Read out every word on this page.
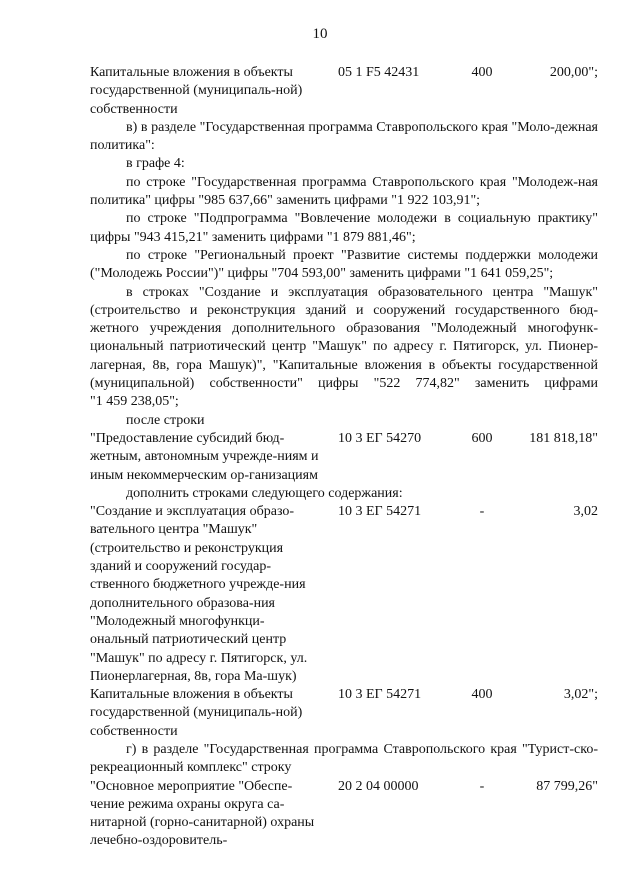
10
Капитальные вложения в объекты государственной (муниципаль-ной) собственности
05 1 F5 42431	400	200,00";
в) в разделе "Государственная программа Ставропольского края "Моло-дежная политика":
в графе 4:
по строке "Государственная программа Ставропольского края "Молодеж-ная политика" цифры "985 637,66" заменить цифрами "1 922 103,91";
по строке "Подпрограмма "Вовлечение молодежи в социальную практику" цифры "943 415,21" заменить цифрами "1 879 881,46";
по строке "Региональный проект "Развитие системы поддержки молодежи ("Молодежь России")" цифры "704 593,00" заменить цифрами "1 641 059,25";
в строках "Создание и эксплуатация образовательного центра "Машук" (строительство и реконструкция зданий и сооружений государственного бюд-жетного учреждения дополнительного образования "Молодежный многофунк-циональный патриотический центр "Машук" по адресу г. Пятигорск, ул. Пионер-лагерная, 8в, гора Машук)", "Капитальные вложения в объекты государственной (муниципальной) собственности" цифры "522 774,82" заменить цифрами
"1 459 238,05";
после строки
"Предоставление субсидий бюд-жетным, автономным учрежде-ниям и иным некоммерческим ор-ганизациям
10 3 ЕГ 54270	600	181 818,18"
дополнить строками следующего содержания:
"Создание и эксплуатация образо-вательного центра "Машук" (строительство и реконструкция зданий и сооружений государ-ственного бюджетного учрежде-ния дополнительного образова-ния "Молодежный многофункци-ональный патриотический центр "Машук" по адресу г. Пятигорск, ул. Пионерлагерная, 8в, гора Ма-шук)
10 3 ЕГ 54271	-	3,02
Капитальные вложения в объекты государственной (муниципаль-ной) собственности
10 3 ЕГ 54271	400	3,02";
г) в разделе "Государственная программа Ставропольского края "Турист-ско-рекреационный комплекс" строку
"Основное мероприятие "Обеспе-чение режима охраны округа са-нитарной (горно-санитарной) охраны лечебно-оздоровитель-
20 2 04 00000	-	87 799,26"
